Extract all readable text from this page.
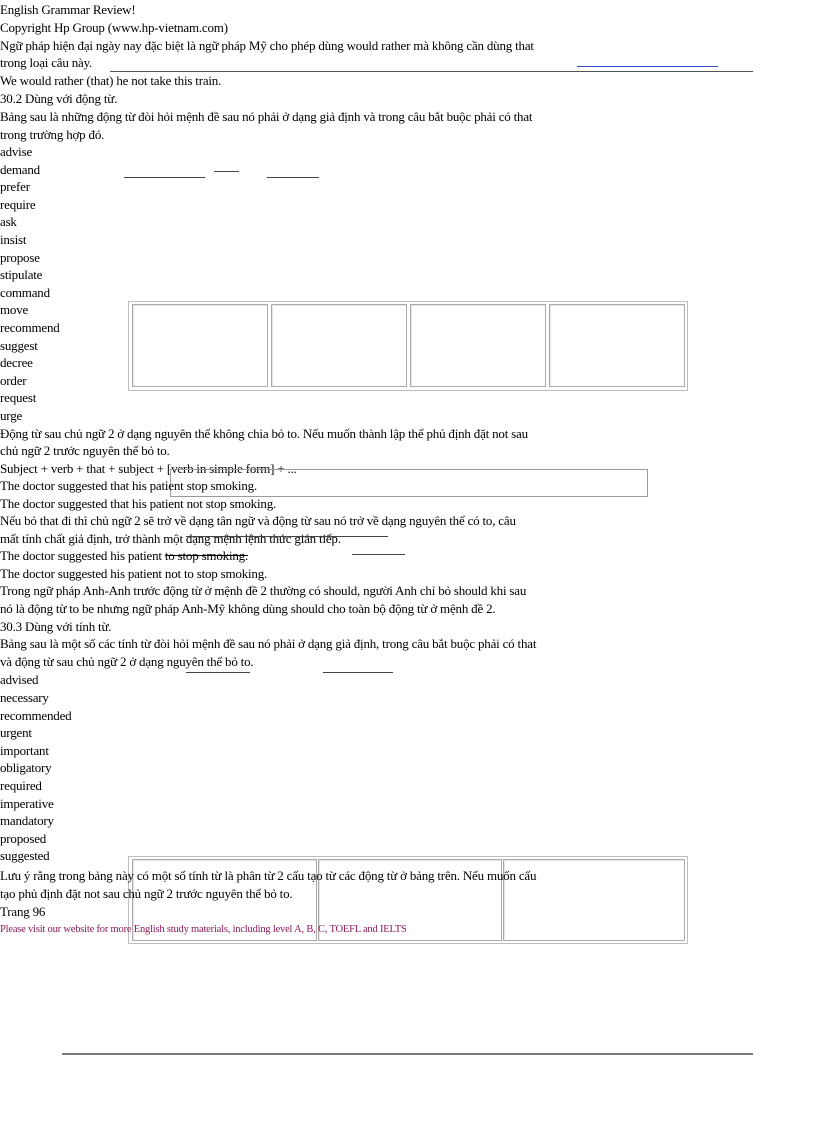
English Grammar Review!
Copyright Hp Group (www.hp-vietnam.com)
Ngữ pháp hiện đại ngày nay đặc biệt là ngữ pháp Mỹ cho phép dùng would rather mà không cần dùng that
trong loại câu này.
We would rather (that) he not take this train.
30.2 Dùng với động từ.
Bảng sau là những động từ đòi hỏi mệnh đề sau nó phải ở dạng giả định và trong câu bắt buộc phải có that
trong trường hợp đó.
advise
demand
prefer
require
ask
insist
propose
stipulate
command
move
recommend
suggest
decree
order
request
urge
Động từ sau chủ ngữ 2 ở dạng nguyên thể không chia bỏ to. Nếu muốn thành lập thể phủ định đặt not sau
chủ ngữ 2 trước nguyên thể bỏ to.
Subject + verb + that + subject + [verb in simple form] + ...
The doctor suggested that his patient stop smoking.
The doctor suggested that his patient not stop smoking.
Nếu bỏ that đi thì chủ ngữ 2 sẽ trở về dạng tân ngữ và động từ sau nó trở về dạng nguyên thể có to, câu
mất tính chất giả định, trở thành một dạng mệnh lệnh thức gián tiếp.
The doctor suggested his patient to stop smoking.
The doctor suggested his patient not to stop smoking.
Trong ngữ pháp Anh-Anh trước động từ ở mệnh đề 2 thường có should, người Anh chỉ bỏ should khi sau
nó là động từ to be nhưng ngữ pháp Anh-Mỹ không dùng should cho toàn bộ động từ ở mệnh đề 2.
30.3 Dùng với tính từ.
Bảng sau là một số các tính từ đòi hỏi mệnh đề sau nó phải ở dạng giả định, trong câu bắt buộc phải có that
và động từ sau chủ ngữ 2 ở dạng nguyên thể bỏ to.
advised
necessary
recommended
urgent
important
obligatory
required
imperative
mandatory
proposed
suggested
Lưu ý rằng trong bảng này có một số tính từ là phân từ 2 cấu tạo từ các động từ ở bảng trên. Nếu muốn cấu
tạo phủ định đặt not sau chủ ngữ 2 trước nguyên thể bỏ to.
Trang 96
Please visit our website for more English study materials, including level A, B, C, TOEFL and IELTS
